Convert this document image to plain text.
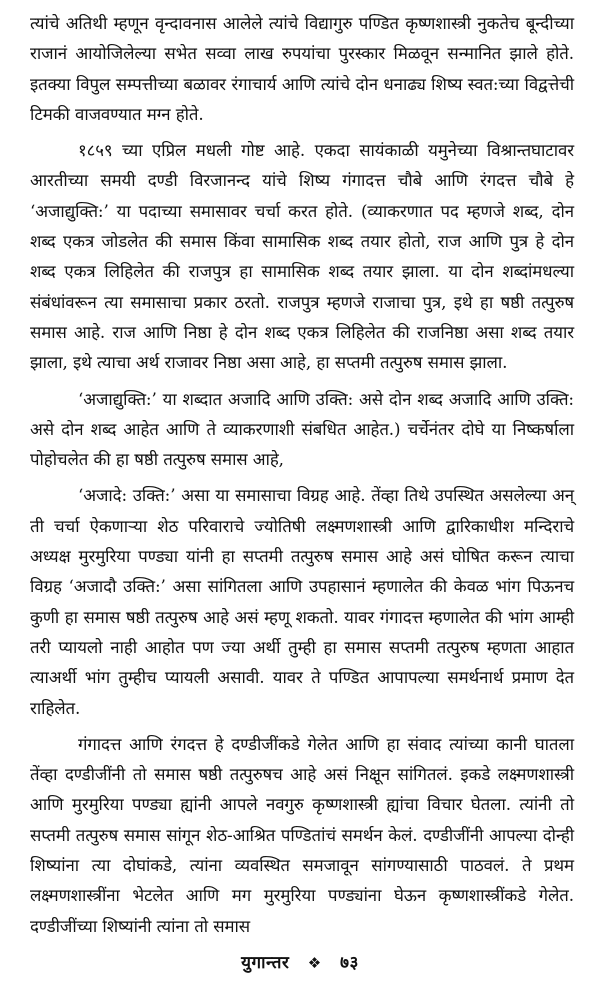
त्यांचे अतिथी म्हणून वृन्दावनास आलेले त्यांचे विद्यागुरु पण्डित कृष्णशास्त्री नुकतेच बून्दीच्या राजानं आयोजिलेल्या सभेत सव्वा लाख रुपयांचा पुरस्कार मिळवून सन्मानित झाले होते. इतक्या विपुल सम्पत्तीच्या बळावर रंगाचार्य आणि त्यांचे दोन धनाढ्य शिष्य स्वत:च्या विद्वत्तेची टिमकी वाजवण्यात मग्न होते.

१८५९ च्या एप्रिल मधली गोष्ट आहे. एकदा सायंकाळी यमुनेच्या विश्रान्तघाटावर आरतीच्या समयी दण्डी विरजानन्द यांचे शिष्य गंगादत्त चौबे आणि रंगदत्त चौबे हे ‘अजाद्युक्ति:’ या पदाच्या समासावर चर्चा करत होते. (व्याकरणात पद म्हणजे शब्द, दोन शब्द एकत्र जोडलेत की समास किंवा सामासिक शब्द तयार होतो, राज आणि पुत्र हे दोन शब्द एकत्र लिहिलेत की राजपुत्र हा सामासिक शब्द तयार झाला. या दोन शब्दांमधल्या संबंधांवरून त्या समासाचा प्रकार ठरतो. राजपुत्र म्हणजे राजाचा पुत्र, इथे हा षष्ठी तत्पुरुष समास आहे. राज आणि निष्ठा हे दोन शब्द एकत्र लिहिलेत की राजनिष्ठा असा शब्द तयार झाला, इथे त्याचा अर्थ राजावर निष्ठा असा आहे, हा सप्तमी तत्पुरुष समास झाला.

‘अजाद्युक्ति:’ या शब्दात अजादि आणि उक्ति: असे दोन शब्द अजादि आणि उक्ति: असे दोन शब्द आहेत आणि ते व्याकरणाशी संबधित आहेत.) चर्चेनंतर दोघे या निष्कर्षाला पोहोचलेत की हा षष्ठी तत्पुरुष समास आहे,

‘अजादे: उक्ति:’ असा या समासाचा विग्रह आहे. तेंव्हा तिथे उपस्थित असलेल्या अन् ती चर्चा ऐकणाऱ्या शेठ परिवाराचे ज्योतिषी लक्ष्मणशास्त्री आणि द्वारिकाधीश मन्दिराचे अध्यक्ष मुरमुरिया पण्ड्या यांनी हा सप्तमी तत्पुरुष समास आहे असं घोषित करून त्याचा विग्रह ‘अजादौ उक्ति:’ असा सांगितला आणि उपहासानं म्हणालेत की केवळ भांग पिऊनच कुणी हा समास षष्ठी तत्पुरुष आहे असं म्हणू शकतो. यावर गंगादत्त म्हणालेत की भांग आम्ही तरी प्यायलो नाही आहोत पण ज्या अर्थी तुम्ही हा समास सप्तमी तत्पुरुष म्हणता आहात त्याअर्थी भांग तुम्हीच प्यायली असावी. यावर ते पण्डित आपापल्या समर्थनार्थ प्रमाण देत राहिलेत.

गंगादत्त आणि रंगदत्त हे दण्डीजींकडे गेलेत आणि हा संवाद त्यांच्या कानी घातला तेंव्हा दण्डीजींनी तो समास षष्ठी तत्पुरुषच आहे असं निक्षून सांगितलं. इकडे लक्ष्मणशास्त्री आणि मुरमुरिया पण्ड्या ह्यांनी आपले नवगुरु कृष्णशास्त्री ह्यांचा विचार घेतला. त्यांनी तो सप्तमी तत्पुरुष समास सांगून शेठ-आश्रित पण्डितांचं समर्थन केलं. दण्डीजींनी आपल्या दोन्ही शिष्यांना त्या दोघांकडे, त्यांना व्यवस्थित समजावून सांगण्यासाठी पाठवलं. ते प्रथम लक्ष्मणशास्त्रींना भेटलेत आणि मग मुरमुरिया पण्ड्यांना घेऊन कृष्णशास्त्रींकडे गेलेत. दण्डीजींच्या शिष्यांनी त्यांना तो समास

युगान्तर ❖ ७३
